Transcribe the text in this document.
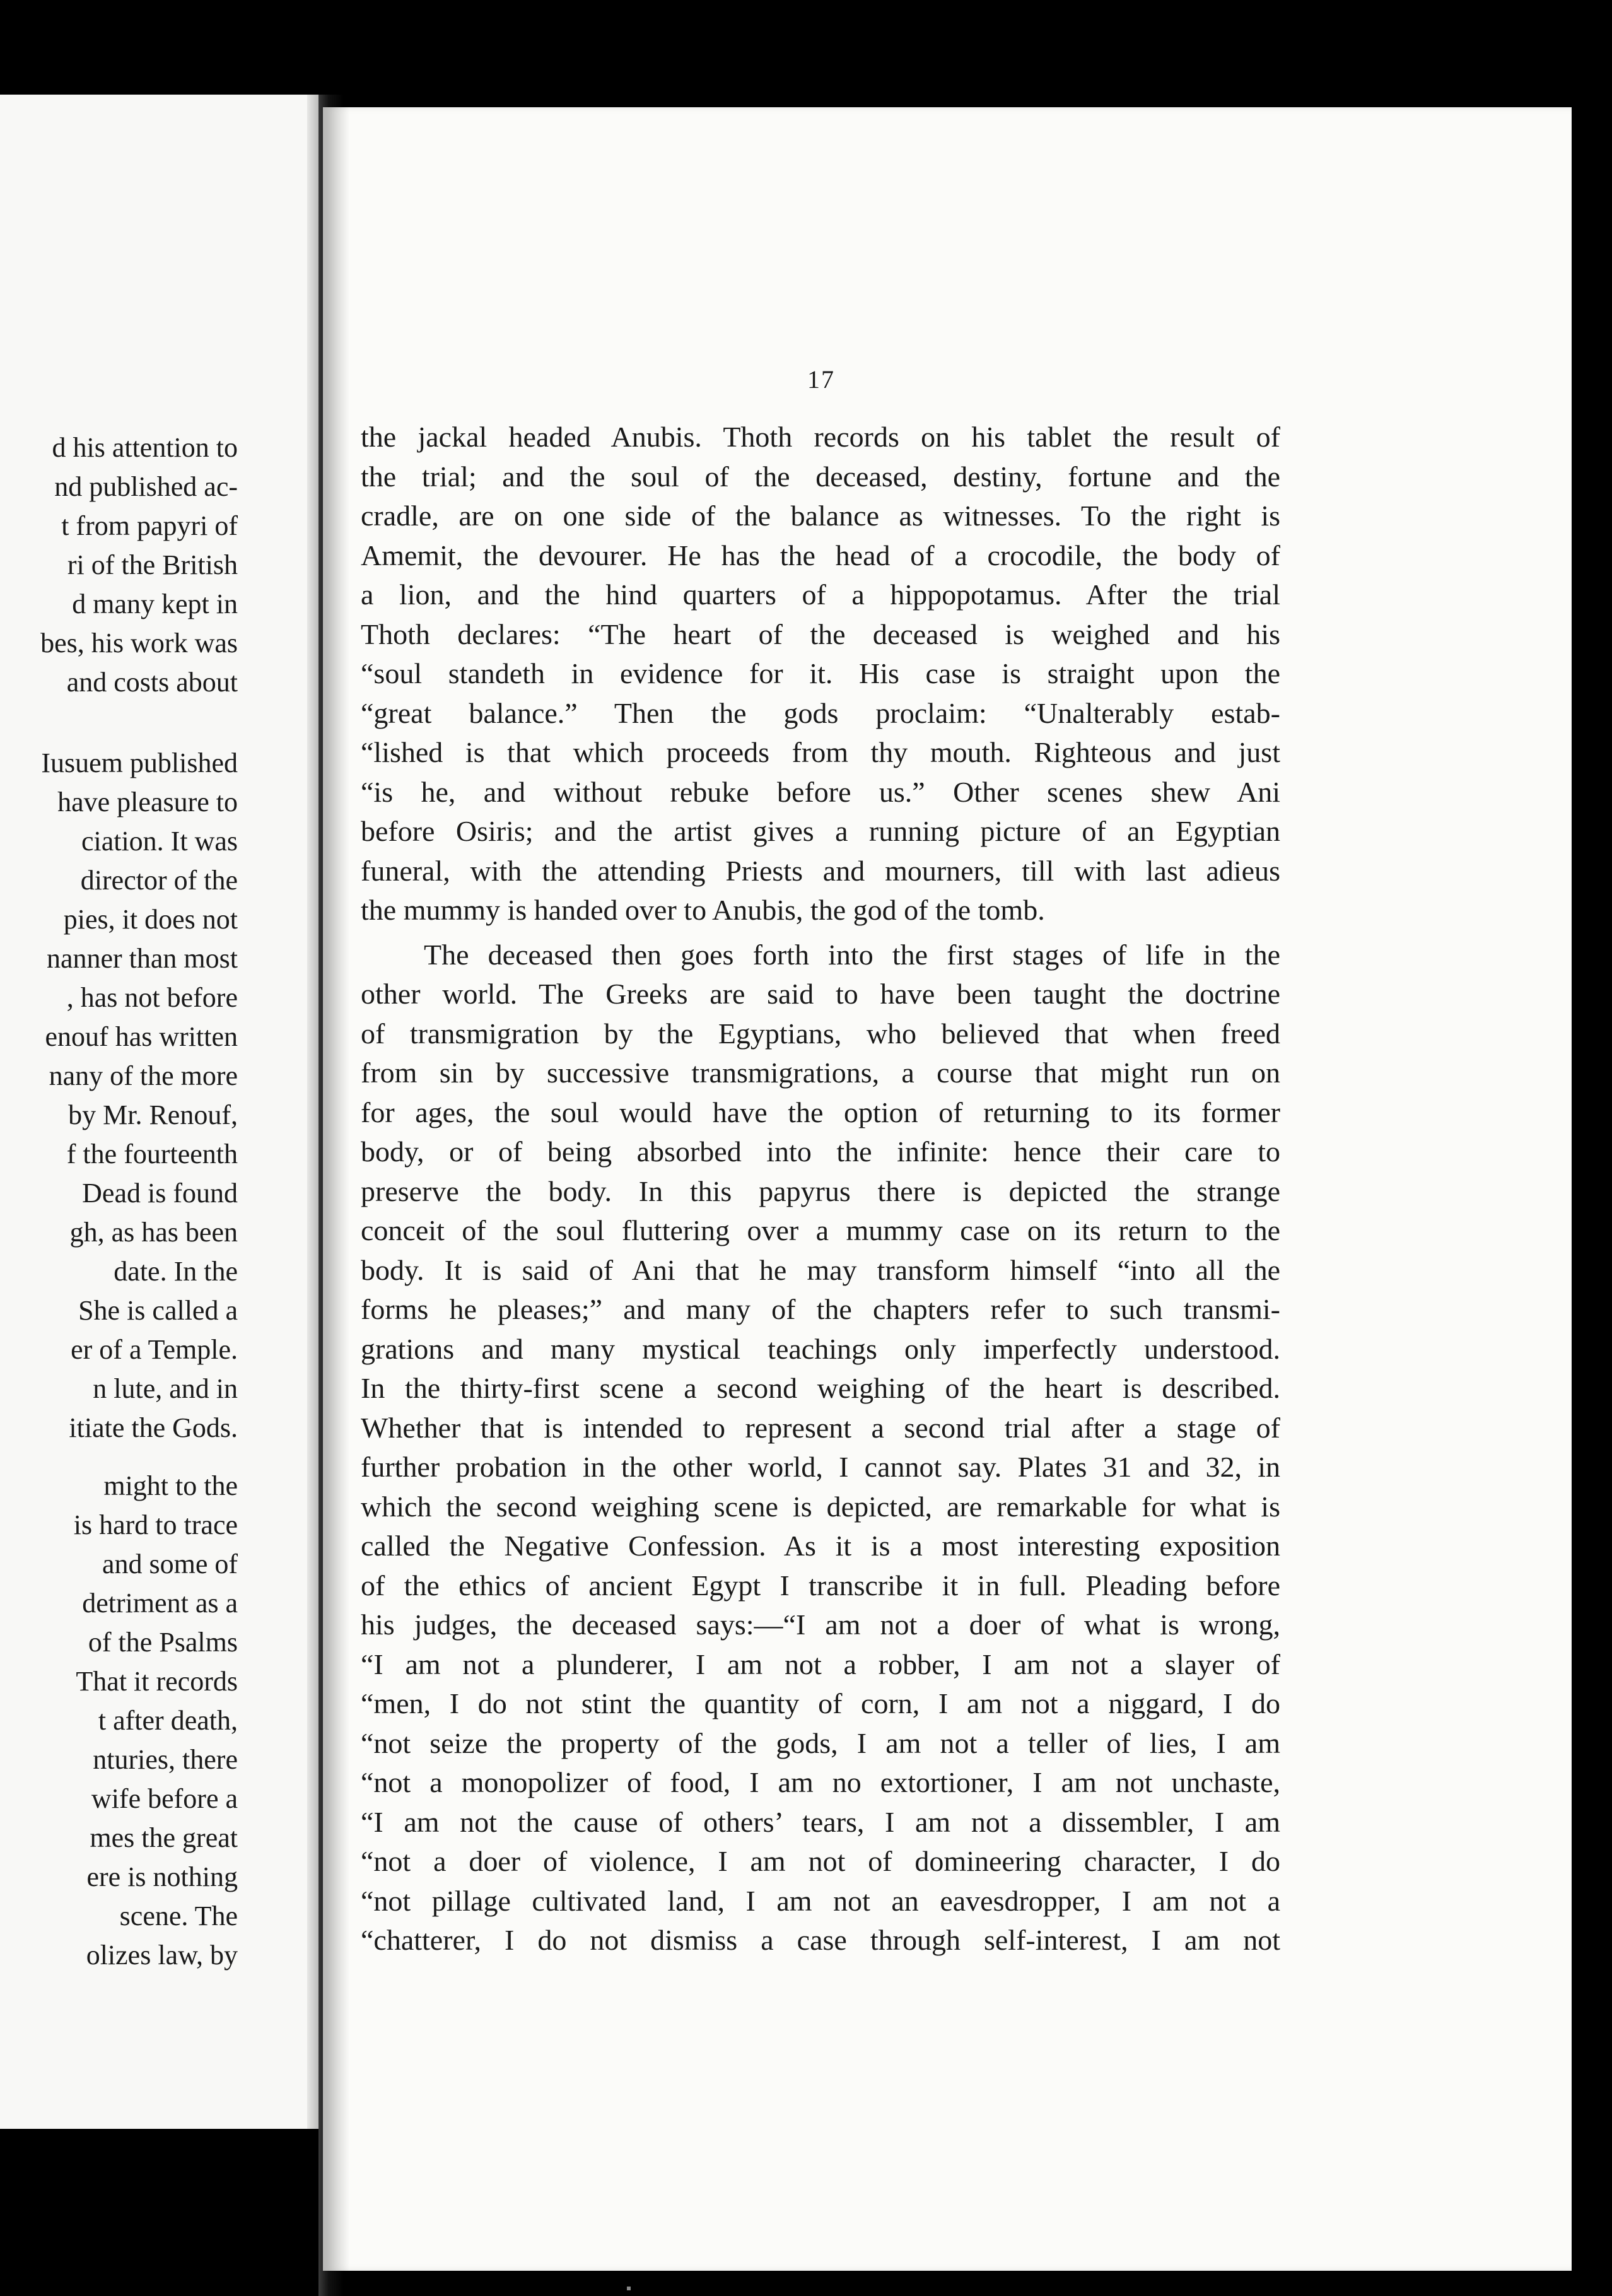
d his attention to
nd published ac-
t from papyri of
ri of the British
d many kept in
bes, his work was
and costs about
Iusuem published
have pleasure to
ciation. It was
director of the
pies, it does not
nanner than most
, has not before
enouf has written
nany of the more
by Mr. Renouf,
f the fourteenth
Dead is found
gh, as has been
date. In the
She is called a
er of a Temple.
n lute, and in
itiate the Gods.
might to the
is hard to trace
and some of
detriment as a
of the Psalms
That it records
t after death,
nturies, there
wife before a
mes the great
ere is nothing
scene. The
olizes law, by
17
the jackal headed Anubis. Thoth records on his tablet the result of
the trial; and the soul of the deceased, destiny, fortune and the
cradle, are on one side of the balance as witnesses. To the right is
Amemit, the devourer. He has the head of a crocodile, the body of
a lion, and the hind quarters of a hippopotamus. After the trial
Thoth declares: “The heart of the deceased is weighed and his
“soul standeth in evidence for it. His case is straight upon the
“great balance.” Then the gods proclaim: “Unalterably estab-
“lished is that which proceeds from thy mouth. Righteous and just
“is he, and without rebuke before us.” Other scenes shew Ani
before Osiris; and the artist gives a running picture of an Egyptian
funeral, with the attending Priests and mourners, till with last adieus
the mummy is handed over to Anubis, the god of the tomb.
The deceased then goes forth into the first stages of life in the
other world. The Greeks are said to have been taught the doctrine
of transmigration by the Egyptians, who believed that when freed
from sin by successive transmigrations, a course that might run on
for ages, the soul would have the option of returning to its former
body, or of being absorbed into the infinite: hence their care to
preserve the body. In this papyrus there is depicted the strange
conceit of the soul fluttering over a mummy case on its return to the
body. It is said of Ani that he may transform himself “into all the
forms he pleases;” and many of the chapters refer to such transmi-
grations and many mystical teachings only imperfectly understood.
In the thirty-first scene a second weighing of the heart is described.
Whether that is intended to represent a second trial after a stage of
further probation in the other world, I cannot say. Plates 31 and 32, in
which the second weighing scene is depicted, are remarkable for what is
called the Negative Confession. As it is a most interesting exposition
of the ethics of ancient Egypt I transcribe it in full. Pleading before
his judges, the deceased says:—“I am not a doer of what is wrong,
“I am not a plunderer, I am not a robber, I am not a slayer of
“men, I do not stint the quantity of corn, I am not a niggard, I do
“not seize the property of the gods, I am not a teller of lies, I am
“not a monopolizer of food, I am no extortioner, I am not unchaste,
“I am not the cause of others’ tears, I am not a dissembler, I am
“not a doer of violence, I am not of domineering character, I do
“not pillage cultivated land, I am not an eavesdropper, I am not a
“chatterer, I do not dismiss a case through self-interest, I am not
